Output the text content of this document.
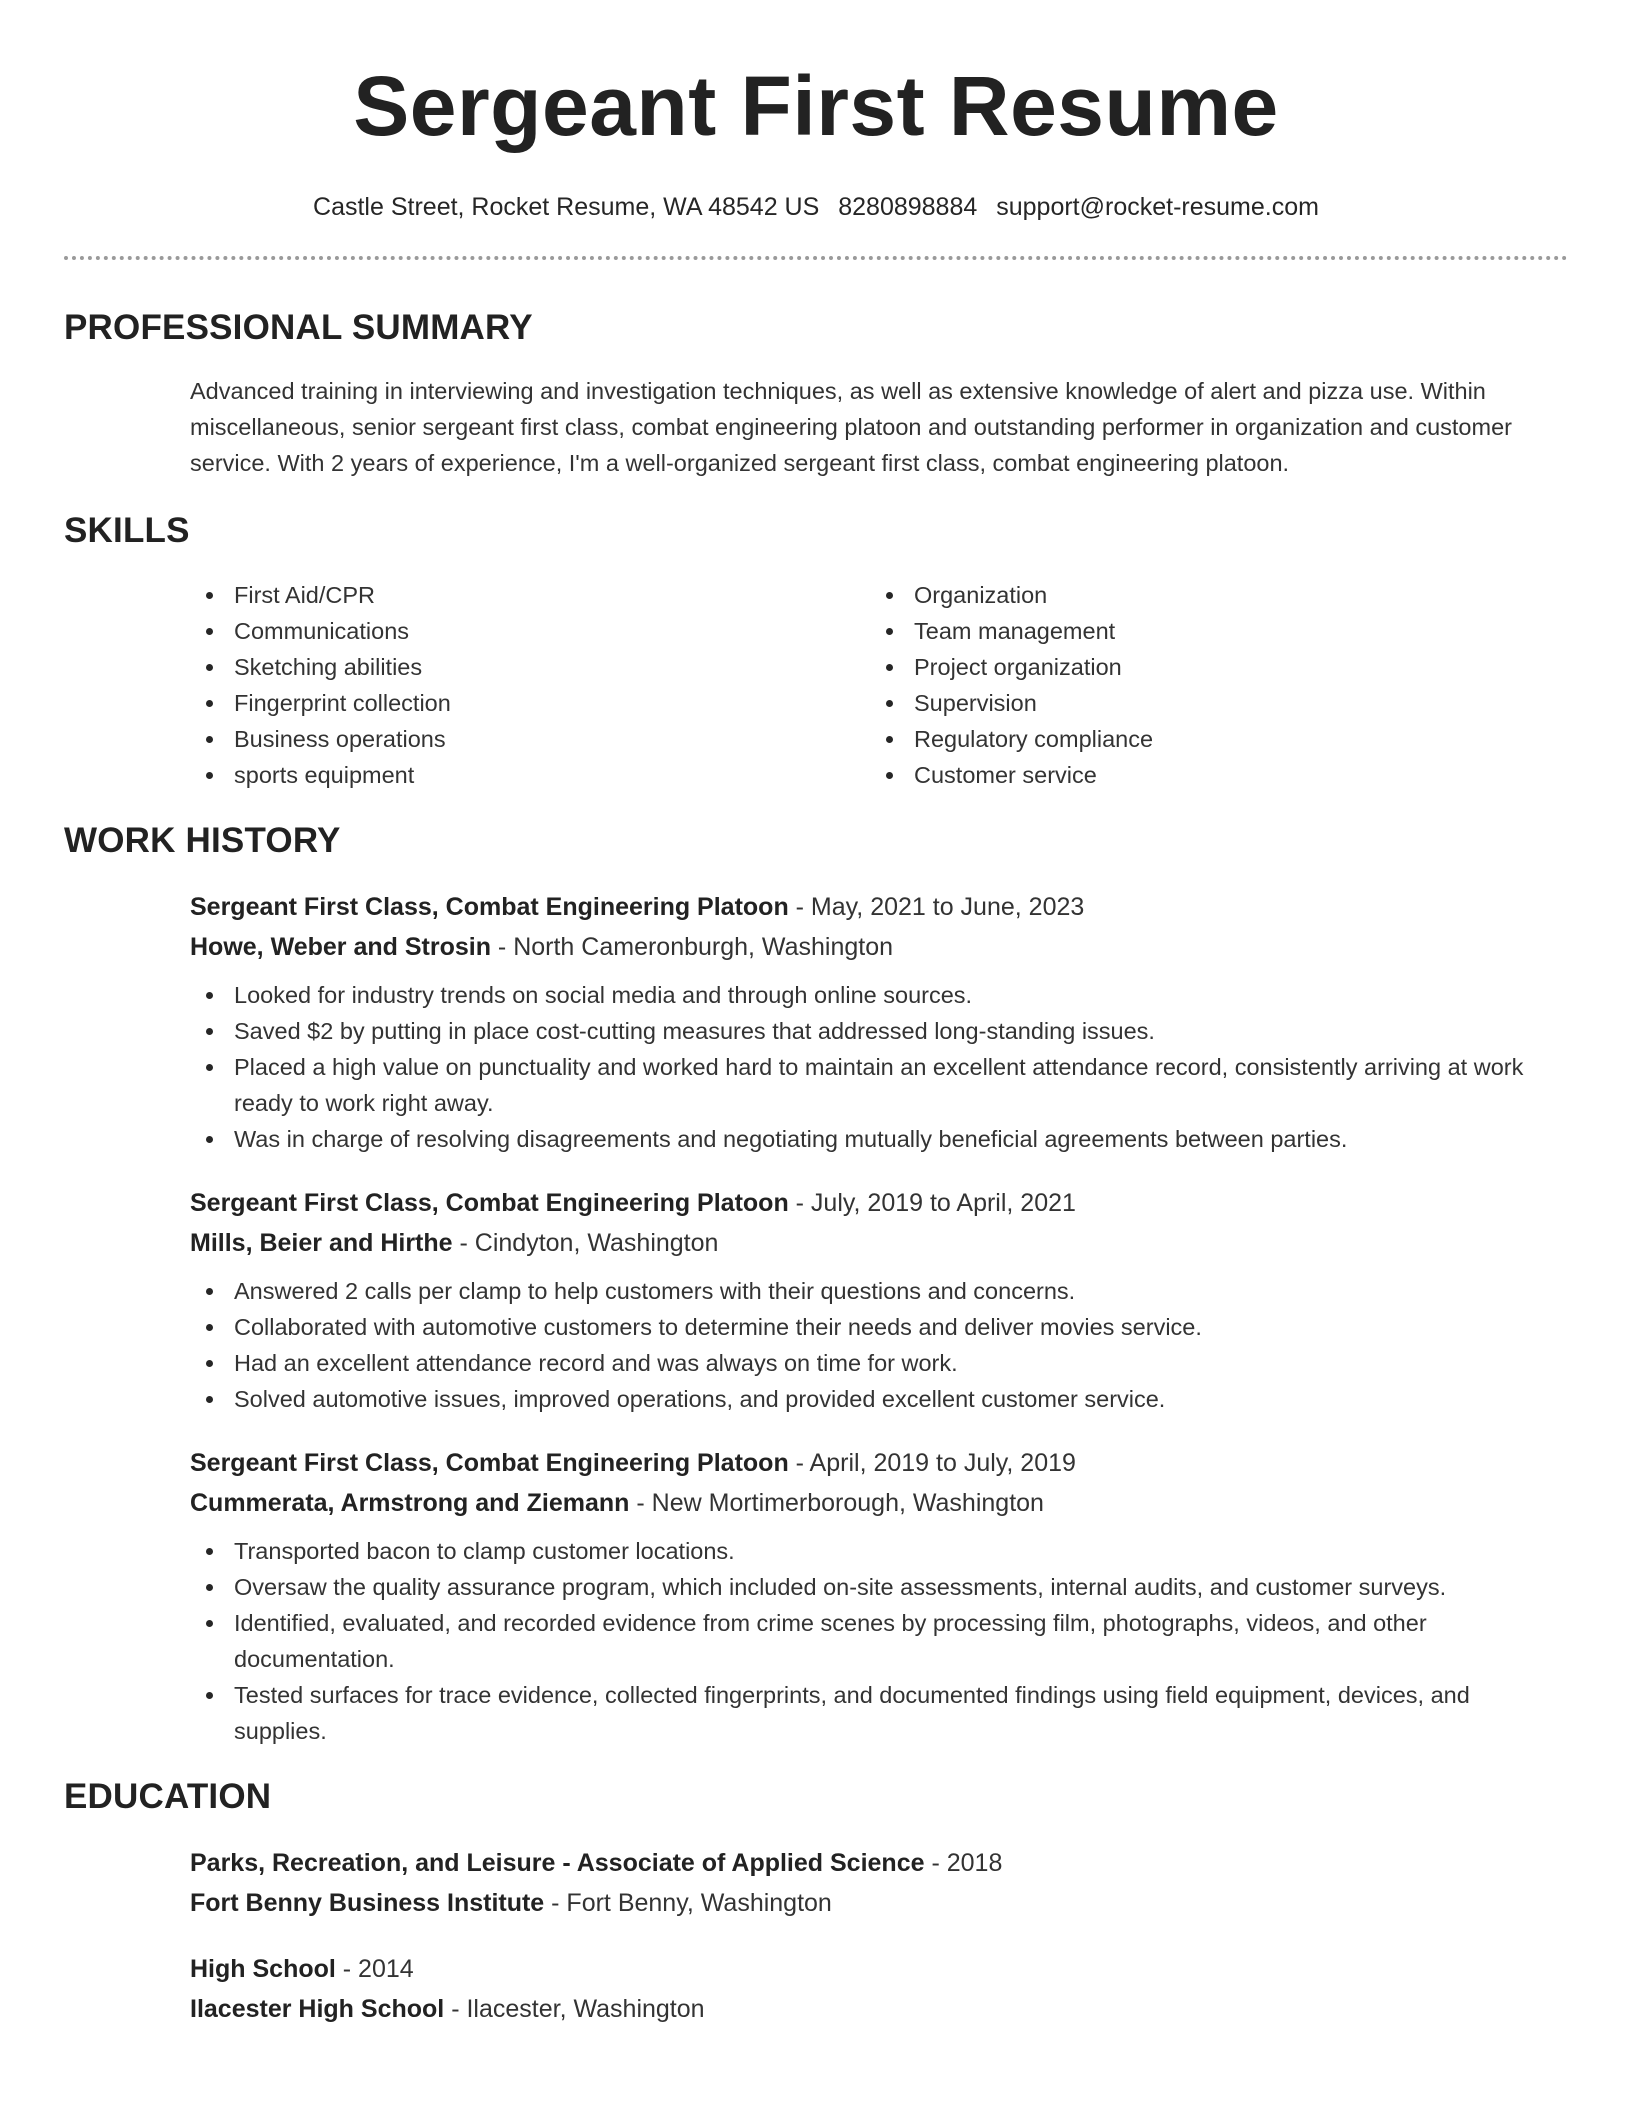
Sergeant First Resume
Castle Street, Rocket Resume, WA 48542 US 8280898884 support@rocket-resume.com
PROFESSIONAL SUMMARY

Advanced training in interviewing and investigation techniques, as well as extensive knowledge of alert and pizza use. Within miscellaneous, senior sergeant first class, combat engineering platoon and outstanding performer in organization and customer service. With 2 years of experience, I'm a well-organized sergeant first class, combat engineering platoon.

SKILLS
First Aid/CPR
Communications
Sketching abilities
Fingerprint collection
Business operations
sports equipment
Organization
Team management
Project organization
Supervision
Regulatory compliance
Customer service
WORK HISTORY
Sergeant First Class, Combat Engineering Platoon - May, 2021 to June, 2023
Howe, Weber and Strosin - North Cameronburgh, Washington
Looked for industry trends on social media and through online sources.
Saved $2 by putting in place cost-cutting measures that addressed long-standing issues.
Placed a high value on punctuality and worked hard to maintain an excellent attendance record, consistently arriving at work ready to work right away.
Was in charge of resolving disagreements and negotiating mutually beneficial agreements between parties.
Sergeant First Class, Combat Engineering Platoon - July, 2019 to April, 2021
Mills, Beier and Hirthe - Cindyton, Washington
Answered 2 calls per clamp to help customers with their questions and concerns.
Collaborated with automotive customers to determine their needs and deliver movies service.
Had an excellent attendance record and was always on time for work.
Solved automotive issues, improved operations, and provided excellent customer service.
Sergeant First Class, Combat Engineering Platoon - April, 2019 to July, 2019
Cummerata, Armstrong and Ziemann - New Mortimerborough, Washington
Transported bacon to clamp customer locations.
Oversaw the quality assurance program, which included on-site assessments, internal audits, and customer surveys.
Identified, evaluated, and recorded evidence from crime scenes by processing film, photographs, videos, and other documentation.
Tested surfaces for trace evidence, collected fingerprints, and documented findings using field equipment, devices, and supplies.
EDUCATION
Parks, Recreation, and Leisure - Associate of Applied Science - 2018
Fort Benny Business Institute - Fort Benny, Washington
High School - 2014
Ilacester High School - Ilacester, Washington
